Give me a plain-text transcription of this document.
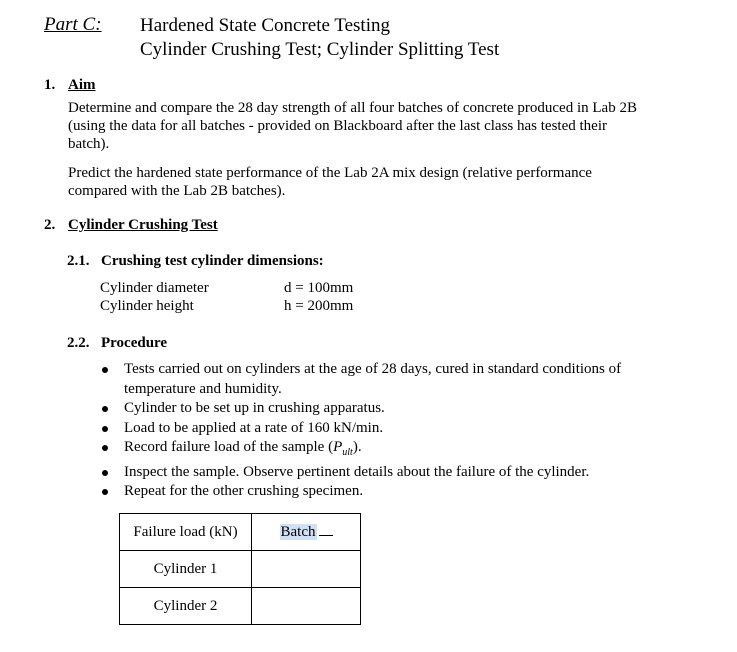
Part C: Hardened State Concrete Testing
Cylinder Crushing Test; Cylinder Splitting Test
1. Aim
Determine and compare the 28 day strength of all four batches of concrete produced in Lab 2B (using the data for all batches - provided on Blackboard after the last class has tested their batch).
Predict the hardened state performance of the Lab 2A mix design (relative performance compared with the Lab 2B batches).
2. Cylinder Crushing Test
2.1. Crushing test cylinder dimensions:
Cylinder diameter	d = 100mm
Cylinder height	h = 200mm
2.2. Procedure
Tests carried out on cylinders at the age of 28 days, cured in standard conditions of temperature and humidity.
Cylinder to be set up in crushing apparatus.
Load to be applied at a rate of 160 kN/min.
Record failure load of the sample $(P_{ult})$.
Inspect the sample. Observe pertinent details about the failure of the cylinder.
Repeat for the other crushing specimen.
Failure load (kN)	Batch
Cylinder 1	
Cylinder 2	
